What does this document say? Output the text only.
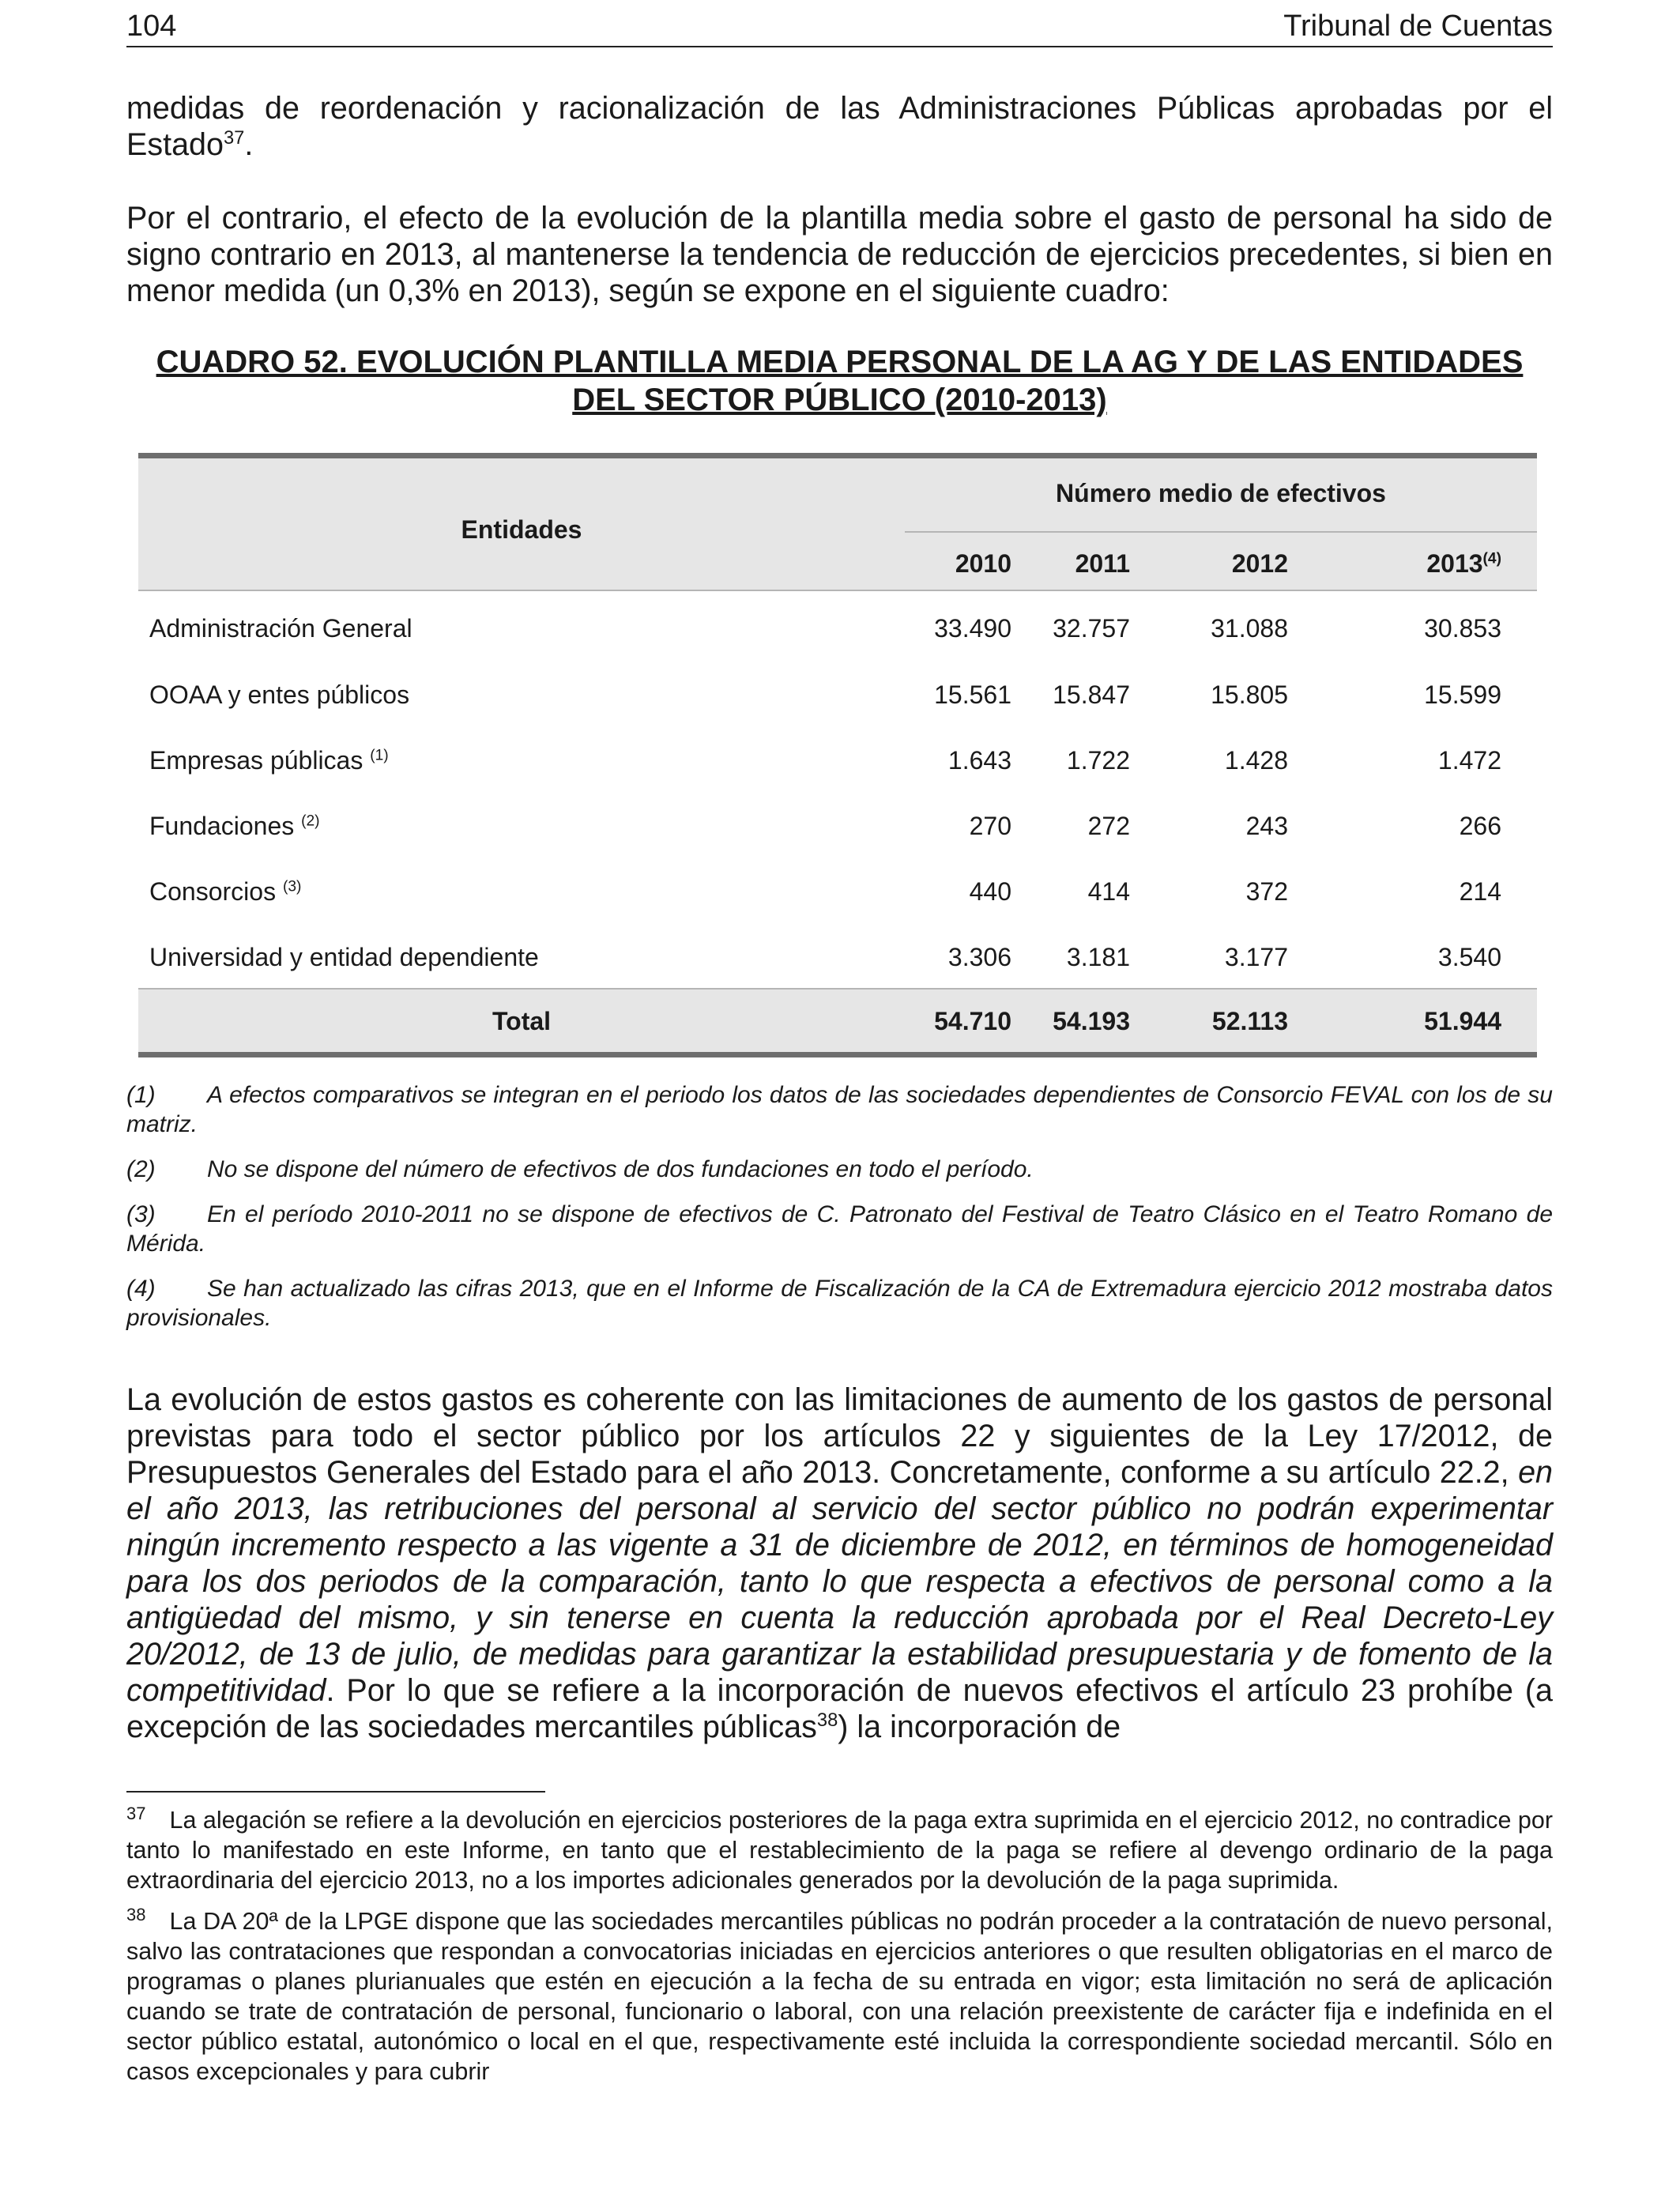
104	Tribunal de Cuentas
medidas de reordenación y racionalización de las Administraciones Públicas aprobadas por el Estado$^{37}$.
Por el contrario, el efecto de la evolución de la plantilla media sobre el gasto de personal ha sido de signo contrario en 2013, al mantenerse la tendencia de reducción de ejercicios precedentes, si bien en menor medida (un 0,3% en 2013), según se expone en el siguiente cuadro:
CUADRO 52. EVOLUCIÓN PLANTILLA MEDIA PERSONAL DE LA AG Y DE LAS ENTIDADES
DEL SECTOR PÚBLICO (2010-2013)
Entidades
Número medio de efectivos
2010	2011	2012	2013$^{(4)}$
Administración General	33.490	32.757	31.088	30.853
OOAA y entes públicos	15.561	15.847	15.805	15.599
Empresas públicas $^{(1)}$	1.643	1.722	1.428	1.472
Fundaciones $^{(2)}$	270	272	243	266
Consorcios $^{(3)}$	440	414	372	214
Universidad y entidad dependiente	3.306	3.181	3.177	3.540
Total	54.710	54.193	52.113	51.944

(1) A efectos comparativos se integran en el periodo los datos de las sociedades dependientes de Consorcio FEVAL con los de su matriz.

(2) No se dispone del número de efectivos de dos fundaciones en todo el período.

(3) En el período 2010-2011 no se dispone de efectivos de C. Patronato del Festival de Teatro Clásico en el Teatro Romano de Mérida.

(4) Se han actualizado las cifras 2013, que en el Informe de Fiscalización de la CA de Extremadura ejercicio 2012 mostraba datos provisionales.

La evolución de estos gastos es coherente con las limitaciones de aumento de los gastos de personal previstas para todo el sector público por los artículos 22 y siguientes de la Ley 17/2012, de Presupuestos Generales del Estado para el año 2013. Concretamente, conforme a su artículo 22.2, en el año 2013, las retribuciones del personal al servicio del sector público no podrán experimentar ningún incremento respecto a las vigente a 31 de diciembre de 2012, en términos de homogeneidad para los dos periodos de la comparación, tanto lo que respecta a efectivos de personal como a la antigüedad del mismo, y sin tenerse en cuenta la reducción aprobada por el Real Decreto-Ley 20/2012, de 13 de julio, de medidas para garantizar la estabilidad presupuestaria y de fomento de la competitividad. Por lo que se refiere a la incorporación de nuevos efectivos el artículo 23 prohíbe (a excepción de las sociedades mercantiles públicas$^{38}$) la incorporación de

$^{37}$ La alegación se refiere a la devolución en ejercicios posteriores de la paga extra suprimida en el ejercicio 2012, no contradice por tanto lo manifestado en este Informe, en tanto que el restablecimiento de la paga se refiere al devengo ordinario de la paga extraordinaria del ejercicio 2013, no a los importes adicionales generados por la devolución de la paga suprimida.

$^{38}$ La DA 20ª de la LPGE dispone que las sociedades mercantiles públicas no podrán proceder a la contratación de nuevo personal, salvo las contrataciones que respondan a convocatorias iniciadas en ejercicios anteriores o que resulten obligatorias en el marco de programas o planes plurianuales que estén en ejecución a la fecha de su entrada en vigor; esta limitación no será de aplicación cuando se trate de contratación de personal, funcionario o laboral, con una relación preexistente de carácter fija e indefinida en el sector público estatal, autonómico o local en el que, respectivamente esté incluida la correspondiente sociedad mercantil. Sólo en casos excepcionales y para cubrir
